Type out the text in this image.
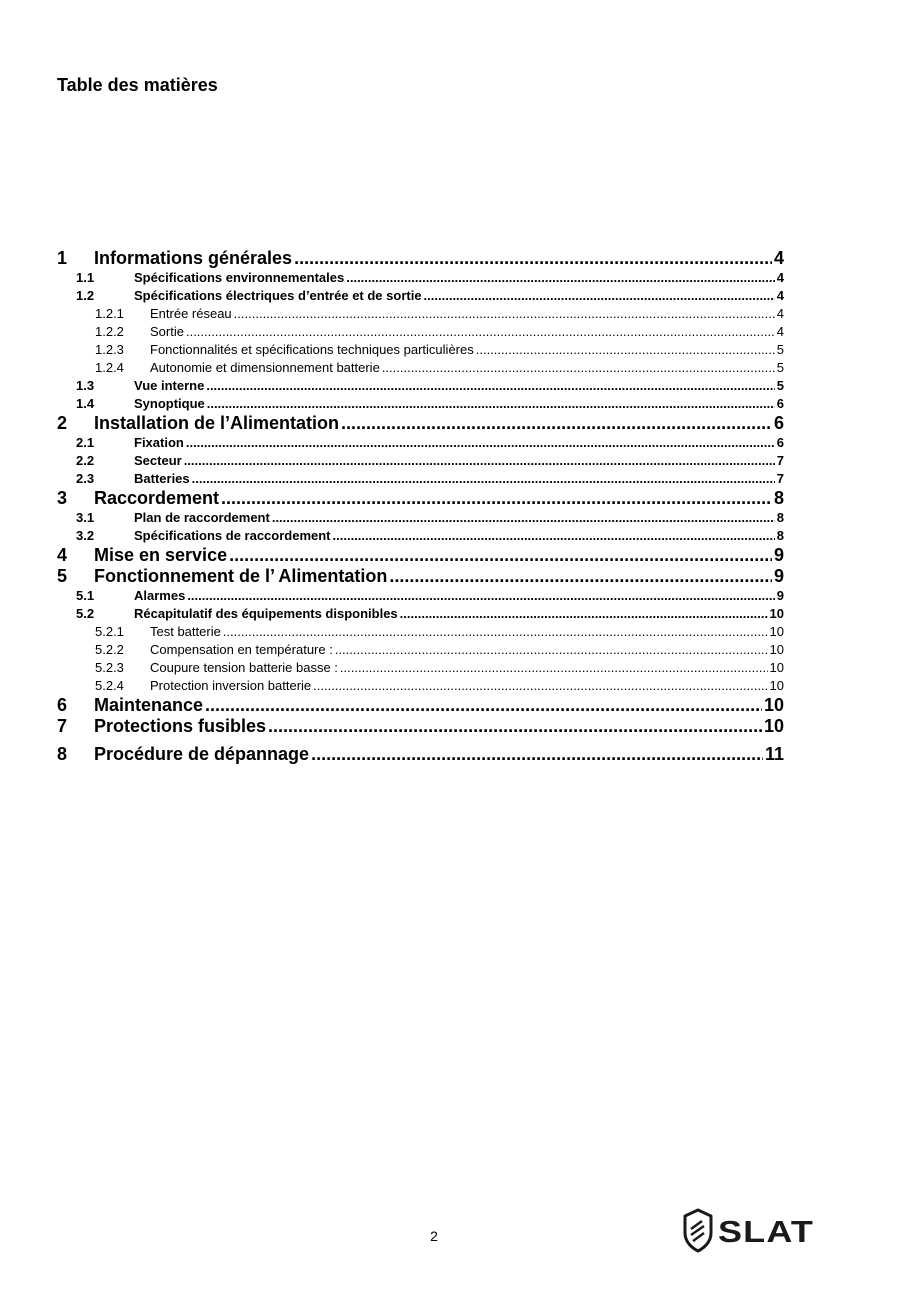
Table des matières
1	Informations générales .....	4
1.1	Spécifications environnementales .....	4
1.2	Spécifications électriques d’entrée et de sortie .....	4
1.2.1	Entrée réseau .....	4
1.2.2	Sortie .....	4
1.2.3	Fonctionnalités et spécifications techniques particulières .....	5
1.2.4	Autonomie et dimensionnement batterie .....	5
1.3	Vue interne .....	5
1.4	Synoptique .....	6
2	Installation de l’Alimentation .....	6
2.1	Fixation .....	6
2.2	Secteur .....	7
2.3	Batteries .....	7
3	Raccordement .....	8
3.1	Plan de raccordement .....	8
3.2	Spécifications de raccordement .....	8
4	Mise en service .....	9
5	Fonctionnement de l’ Alimentation .....	9
5.1	Alarmes .....	9
5.2	Récapitulatif des équipements disponibles .....	10
5.2.1	Test batterie .....	10
5.2.2	Compensation en température : .....	10
5.2.3	Coupure tension batterie basse : .....	10
5.2.4	Protection inversion batterie .....	10
6	Maintenance .....	10
7	Protections fusibles .....	10
8	Procédure de dépannage .....	11
2	SLAT
